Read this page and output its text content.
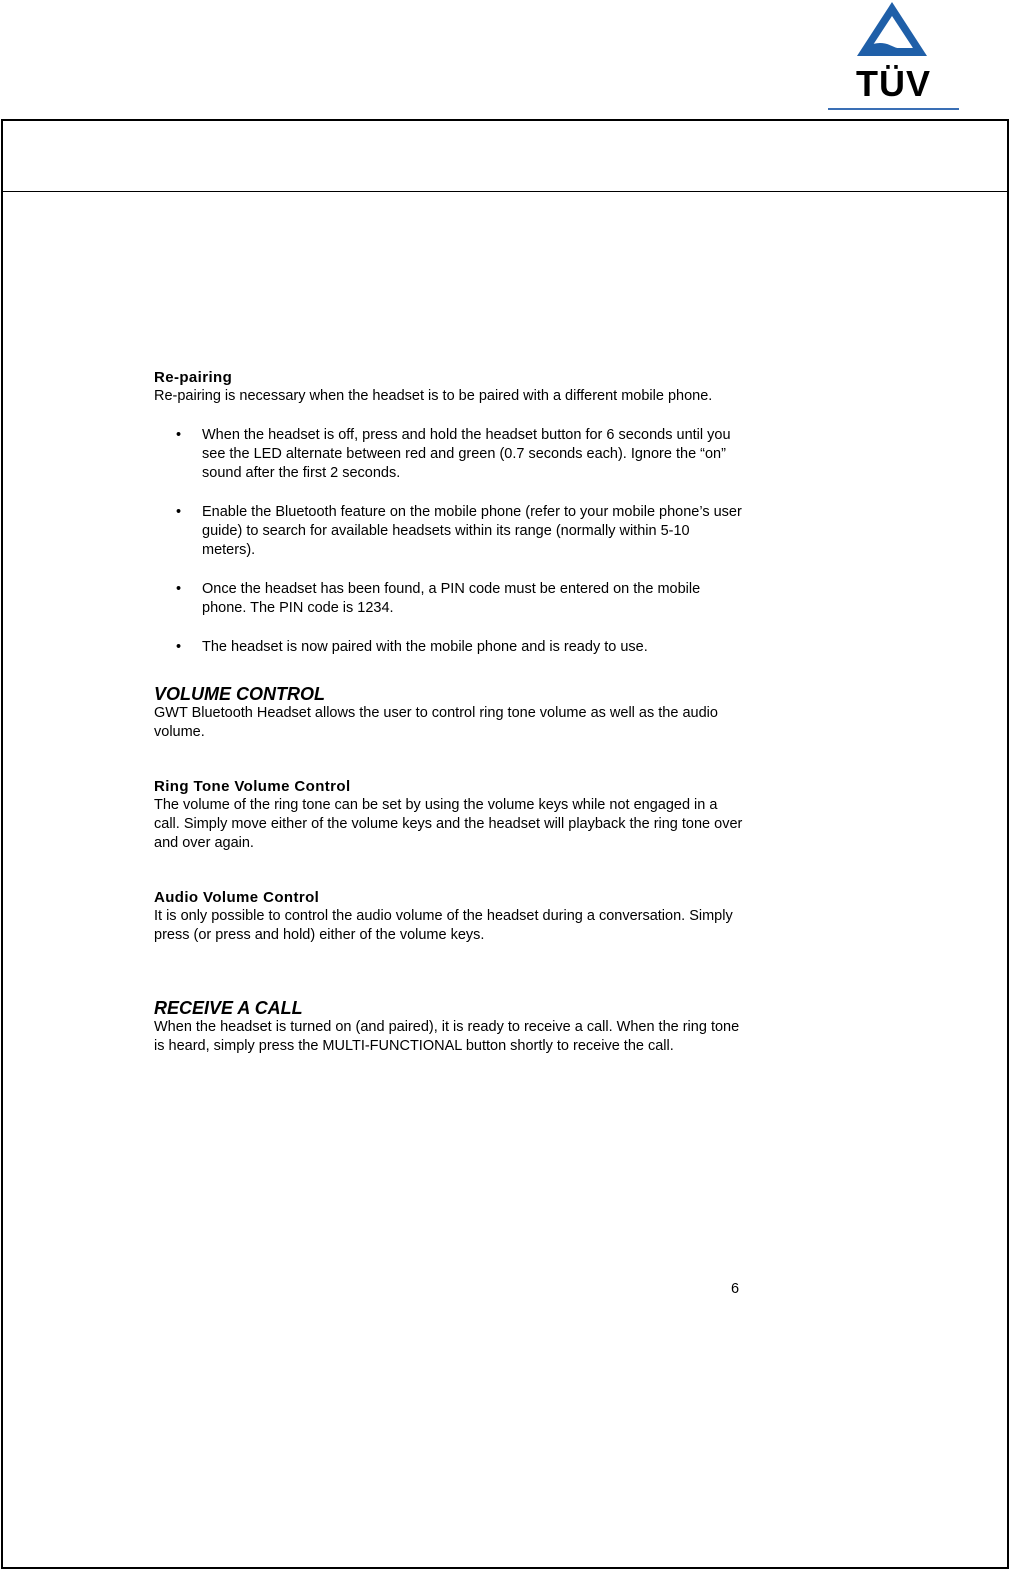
TÜV

Re-pairing

Re-pairing is necessary when the headset is to be paired with a different mobile phone.

• When the headset is off, press and hold the headset button for 6 seconds until you see the LED alternate between red and green (0.7 seconds each). Ignore the “on” sound after the first 2 seconds.
• Enable the Bluetooth feature on the mobile phone (refer to your mobile phone’s user guide) to search for available headsets within its range (normally within 5-10 meters).
• Once the headset has been found, a PIN code must be entered on the mobile phone. The PIN code is 1234.
• The headset is now paired with the mobile phone and is ready to use.

VOLUME CONTROL

GWT Bluetooth Headset allows the user to control ring tone volume as well as the audio volume.

Ring Tone Volume Control

The volume of the ring tone can be set by using the volume keys while not engaged in a call. Simply move either of the volume keys and the headset will playback the ring tone over and over again.

Audio Volume Control

It is only possible to control the audio volume of the headset during a conversation. Simply press (or press and hold) either of the volume keys.

RECEIVE A CALL

When the headset is turned on (and paired), it is ready to receive a call. When the ring tone is heard, simply press the MULTI-FUNCTIONAL button shortly to receive the call.

6
